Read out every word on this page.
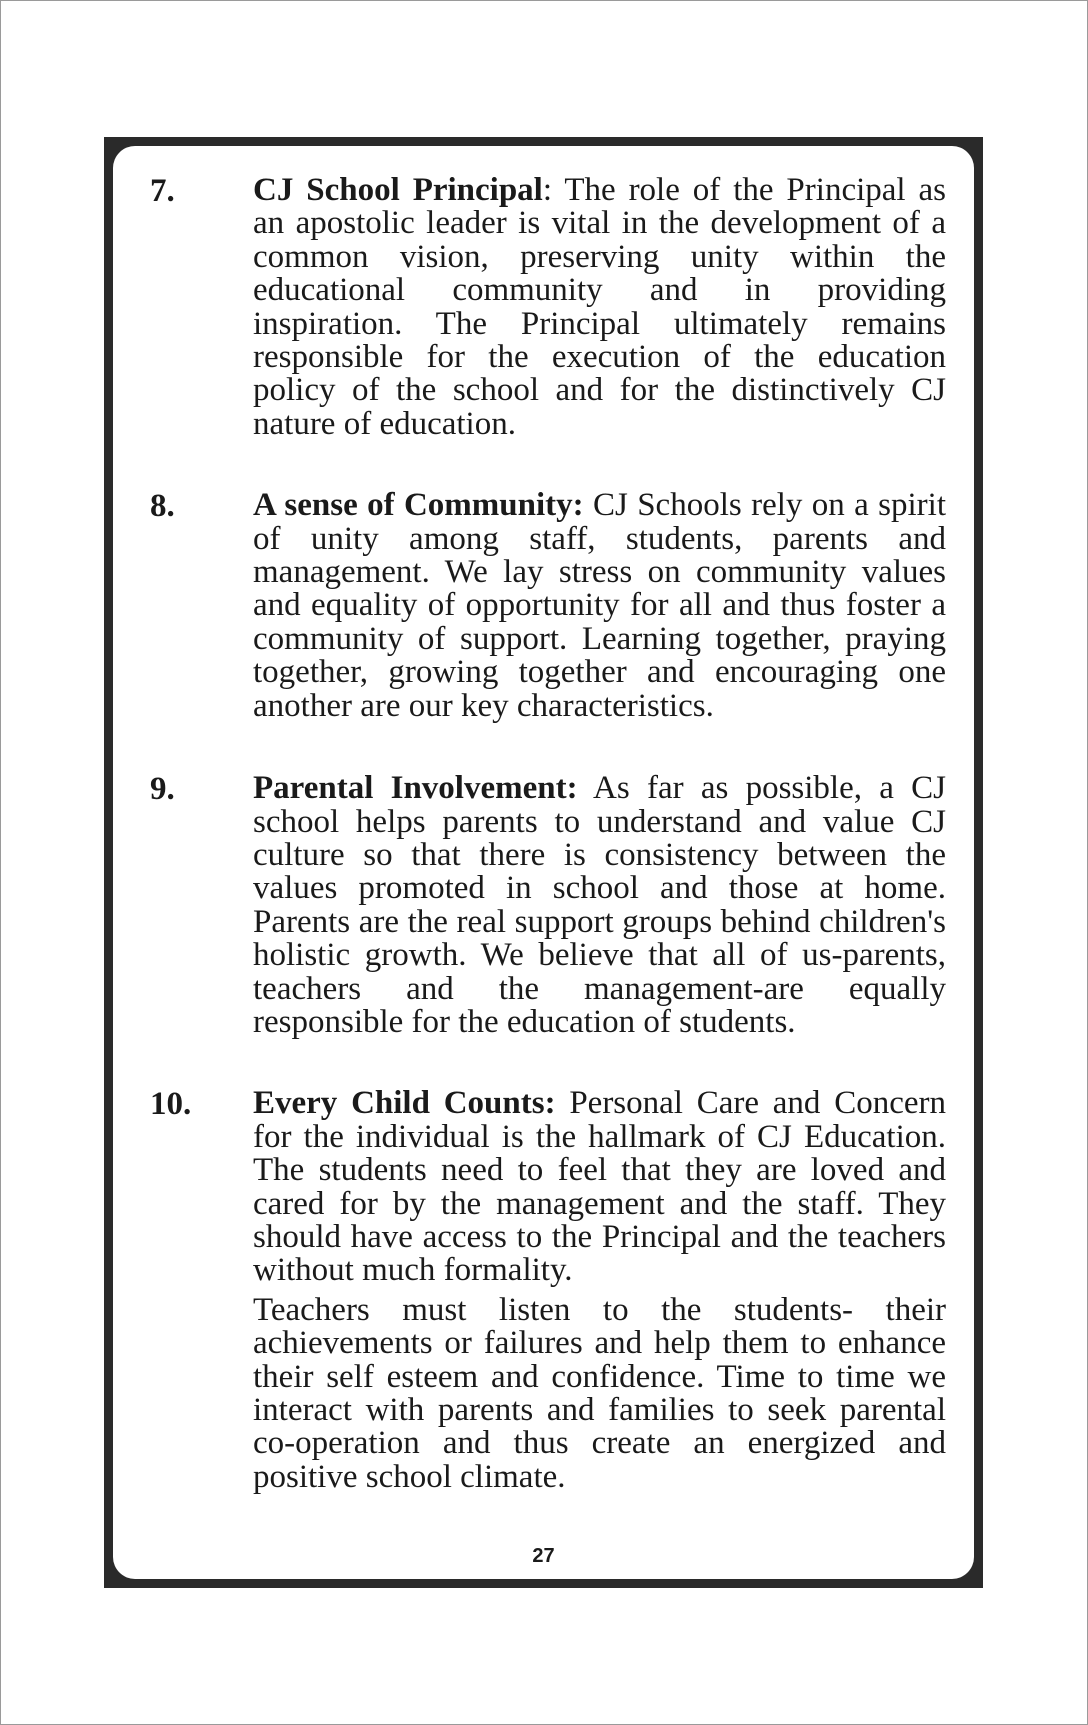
7. CJ School Principal: The role of the Principal as an apostolic leader is vital in the development of a common vision, preserving unity within the educational community and in providing inspiration. The Principal ultimately remains responsible for the execution of the education policy of the school and for the distinctively CJ nature of education.

8. A sense of Community: CJ Schools rely on a spirit of unity among staff, students, parents and management. We lay stress on community values and equality of opportunity for all and thus foster a community of support. Learning together, praying together, growing together and encouraging one another are our key characteristics.

9. Parental Involvement: As far as possible, a CJ school helps parents to understand and value CJ culture so that there is consistency between the values promoted in school and those at home. Parents are the real support groups behind children's holistic growth. We believe that all of us-parents, teachers and the management-are equally responsible for the education of students.

10. Every Child Counts: Personal Care and Concern for the individual is the hallmark of CJ Education. The students need to feel that they are loved and cared for by the management and the staff. They should have access to the Principal and the teachers without much formality.

Teachers must listen to the students- their achievements or failures and help them to enhance their self esteem and confidence. Time to time we interact with parents and families to seek parental co-operation and thus create an energized and positive school climate.

27
